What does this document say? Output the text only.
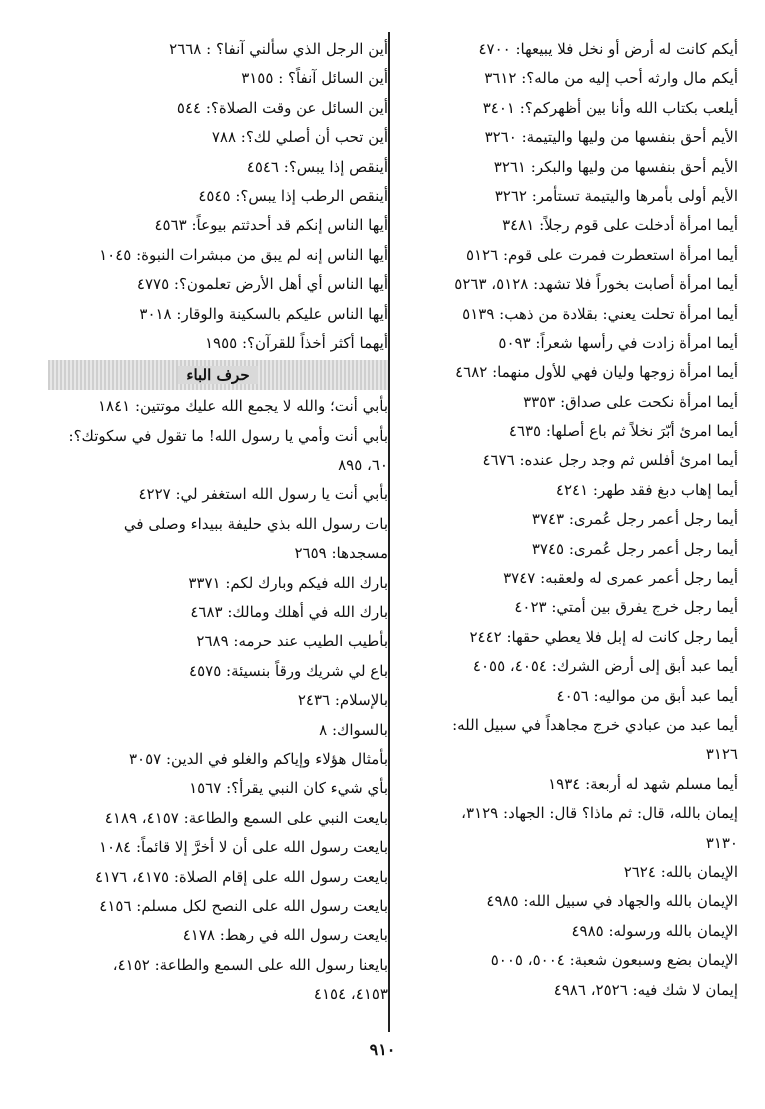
أيكم كانت له أرض أو نخل فلا يبيعها: ٤٧٠٠
أيكم مال وارثه أحب إليه من ماله؟: ٣٦١٢
أيلعب بكتاب الله وأنا بين أظهركم؟: ٣٤٠١
الأيم أحق بنفسها من وليها واليتيمة: ٣٢٦٠
الأيم أحق بنفسها من وليها والبكر: ٣٢٦١
الأيم أولى بأمرها واليتيمة تستأمر: ٣٢٦٢
أيما امرأة أدخلت على قوم رجلاً: ٣٤٨١
أيما امرأة استعطرت فمرت على قوم: ٥١٢٦
أيما امرأة أصابت بخوراً فلا تشهد: ٥١٢٨، ٥٢٦٣
أيما امرأة تحلت يعني: بقلادة من ذهب: ٥١٣٩
أيما امرأة زادت في رأسها شعراً: ٥٠٩٣
أيما امرأة زوجها وليان فهي للأول منهما: ٤٦٨٢
أيما امرأة نكحت على صداق: ٣٣٥٣
أيما امرئ أبّرَ نخلاً ثم باع أصلها: ٤٦٣٥
أيما امرئ أفلس ثم وجد رجل عنده: ٤٦٧٦
أيما إهاب دبغ فقد طهر: ٤٢٤١
أيما رجل أعمر رجل عُمرى: ٣٧٤٣
أيما رجل أعمر رجل عُمرى: ٣٧٤٥
أيما رجل أعمر عمرى له ولعقبه: ٣٧٤٧
أيما رجل خرج يفرق بين أمتي: ٤٠٢٣
أيما رجل كانت له إبل فلا يعطي حقها: ٢٤٤٢
أيما عبد أبق إلى أرض الشرك: ٤٠٥٤، ٤٠٥٥
أيما عبد أبق من مواليه: ٤٠٥٦
أيما عبد من عبادي خرج مجاهداً في سبيل الله:
٣١٢٦
أيما مسلم شهد له أربعة: ١٩٣٤
إيمان بالله، قال: ثم ماذا؟ قال: الجهاد: ٣١٢٩،
٣١٣٠
الإيمان بالله: ٢٦٢٤
الإيمان بالله والجهاد في سبيل الله: ٤٩٨٥
الإيمان بالله ورسوله: ٤٩٨٥
الإيمان بضع وسبعون شعبة: ٥٠٠٤، ٥٠٠٥
إيمان لا شك فيه: ٢٥٢٦، ٤٩٨٦
أين الرجل الذي سألني آنفا؟ : ٢٦٦٨
أين السائل آنفاً؟ : ٣١٥٥
أين السائل عن وقت الصلاة؟: ٥٤٤
أين تحب أن أصلي لك؟: ٧٨٨
أينقص إذا يبس؟: ٤٥٤٦
أينقص الرطب إذا يبس؟: ٤٥٤٥
أيها الناس إنكم قد أحدثتم بيوعاً: ٤٥٦٣
أيها الناس إنه لم يبق من مبشرات النبوة: ١٠٤٥
أيها الناس أي أهل الأرض تعلمون؟: ٤٧٧٥
أيها الناس عليكم بالسكينة والوقار: ٣٠١٨
أيهما أكثر أخذاً للقرآن؟: ١٩٥٥
حرف الباء
بأبي أنت؛ والله لا يجمع الله عليك موتتين: ١٨٤١
بأبي أنت وأمي يا رسول الله! ما تقول في سكوتك؟:
٦٠، ٨٩٥
بأبي أنت يا رسول الله استغفر لي: ٤٢٢٧
بات رسول الله بذي حليفة ببيداء وصلى في
مسجدها: ٢٦٥٩
بارك الله فيكم وبارك لكم: ٣٣٧١
بارك الله في أهلك ومالك: ٤٦٨٣
بأطيب الطيب عند حرمه: ٢٦٨٩
باع لي شريك ورقاً بنسيئة: ٤٥٧٥
بالإسلام: ٢٤٣٦
بالسواك: ٨
بأمثال هؤلاء وإياكم والغلو في الدين: ٣٠٥٧
بأي شيء كان النبي يقرأ؟: ١٥٦٧
بايعت النبي على السمع والطاعة: ٤١٥٧، ٤١٨٩
بايعت رسول الله على أن لا أخرَّ إلا قائماً: ١٠٨٤
بايعت رسول الله على إقام الصلاة: ٤١٧٥، ٤١٧٦
بايعت رسول الله على النصح لكل مسلم: ٤١٥٦
بايعت رسول الله في رهط: ٤١٧٨
بايعنا رسول الله على السمع والطاعة: ٤١٥٢،
٤١٥٣، ٤١٥٤
٩١٠
